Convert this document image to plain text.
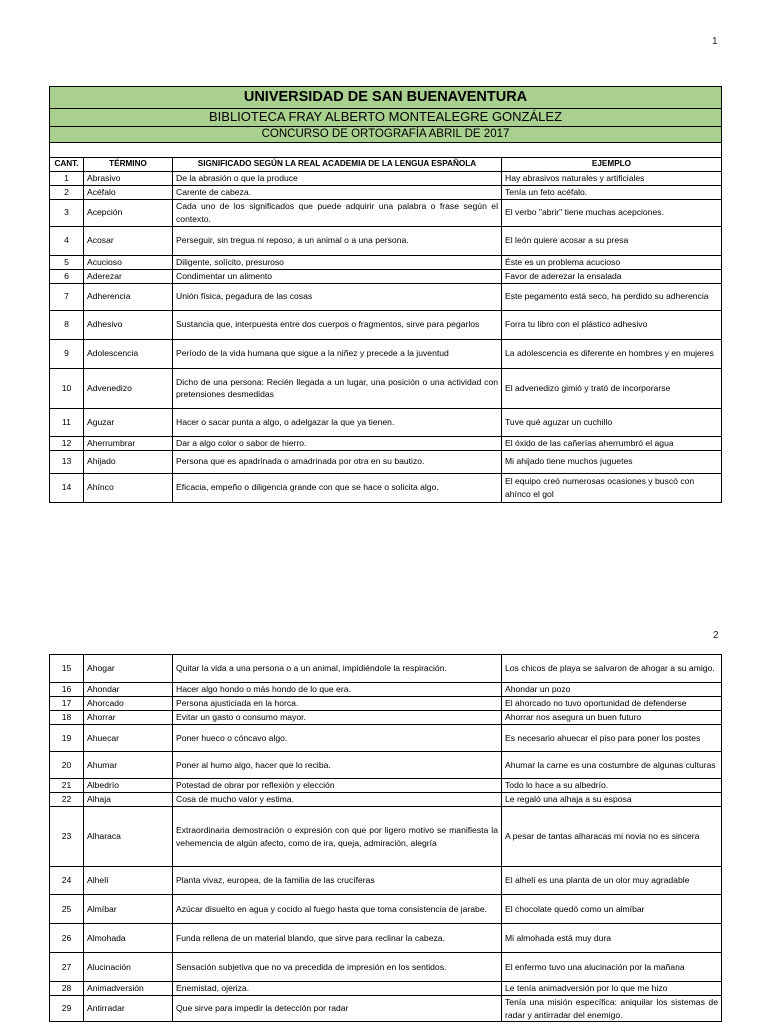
1
UNIVERSIDAD DE SAN BUENAVENTURA			
BIBLIOTECA FRAY ALBERTO MONTEALEGRE GONZÁLEZ			
CONCURSO DE ORTOGRAFÍA ABRIL DE 2017			

CANT.	TÉRMINO	SIGNIFICADO SEGÚN LA REAL ACADEMIA DE LA LENGUA ESPAÑOLA	EJEMPLO
1	Abrasivo	De la abrasión o que la produce	Hay abrasivos naturales y artificiales
2	Acéfalo	Carente de cabeza.	Tenía un feto acéfalo.
3	Acepción	Cada uno de los significados que puede adquirir una palabra o frase según el contexto.	El verbo "abrir" tiene muchas acepciones.
4	Acosar	Perseguir, sin tregua ni reposo, a un animal o a una persona.	El león quiere acosar a su presa
5	Acucioso	Diligente, solícito, presuroso	Éste es un problema acucioso
6	Aderezar	Condimentar un alimento	Favor de aderezar la ensalada
7	Adherencia	Unión física, pegadura de las cosas	Este pegamento está seco, ha perdido su adherencia
8	Adhesivo	Sustancia que, interpuesta entre dos cuerpos o fragmentos, sirve para pegarlos	Forra tu libro con el plástico adhesivo
9	Adolescencia	Período de la vida humana que sigue a la niñez y precede a la juventud	La adolescencia es diferente en hombres y en mujeres
10	Advenedizo	Dicho de una persona: Recién llegada a un lugar, una posición o una actividad con pretensiones desmedidas	El advenedizo gimió y trató de incorporarse
11	Aguzar	Hacer o sacar punta a algo, o adelgazar la que ya tienen.	Tuve qué aguzar un cuchillo
12	Aherrumbrar	Dar a algo color o sabor de hierro.	El óxido de las cañerías aherrumbró el agua
13	Ahijado	Persona que es apadrinada o amadrinada por otra en su bautizo.	Mi ahijado tiene muchos juguetes
14	Ahínco	Eficacia, empeño o diligencia grande con que se hace o solicita algo.	El equipo creó numerosas ocasiones y buscó con ahínco el gol
2
15	Ahogar	Quitar la vida a una persona o a un animal, impidiéndole la respiración.	Los chicos de playa se salvaron de ahogar a su amigo.
16	Ahondar	Hacer algo hondo o más hondo de lo que era.	Ahondar un pozo
17	Ahorcado	Persona ajusticiada en la horca.	El ahorcado no tuvo oportunidad de defenderse
18	Ahorrar	Evitar un gasto o consumo mayor.	Ahorrar nos asegura un buen futuro
19	Ahuecar	Poner hueco o cóncavo algo.	Es necesario ahuecar el piso para poner los postes
20	Ahumar	Poner al humo algo, hacer que lo reciba.	Ahumar la carne es una costumbre de algunas culturas
21	Albedrío	Potestad de obrar por reflexión y elección	Todo lo hace a su albedrío.
22	Alhaja	Cosa de mucho valor y estima.	Le regaló una alhaja a su esposa
23	Alharaca	Extraordinaria demostración o expresión con que por ligero motivo se manifiesta la vehemencia de algún afecto, como de ira, queja, admiración, alegría	A pesar de tantas alharacas mi novia no es sincera
24	Alhelí	Planta vivaz, europea, de la familia de las crucíferas	El alhelí es una planta de un olor muy agradable
25	Almíbar	Azúcar disuelto en agua y cocido al fuego hasta que toma consistencia de jarabe.	El chocolate quedó como un almíbar
26	Almohada	Funda rellena de un material blando, que sirve para reclinar la cabeza.	Mi almohada está muy dura
27	Alucinación	Sensación subjetiva que no va precedida de impresión en los sentidos.	El enfermo tuvo una alucinación por la mañana
28	Animadversión	Enemistad, ojeriza.	Le tenía animadversión por lo que me hizo
29	Antirradar	Que sirve para impedir la detección por radar	Tenía una misión específica: aniquilar los sistemas de radar y antirradar del enemigo.
